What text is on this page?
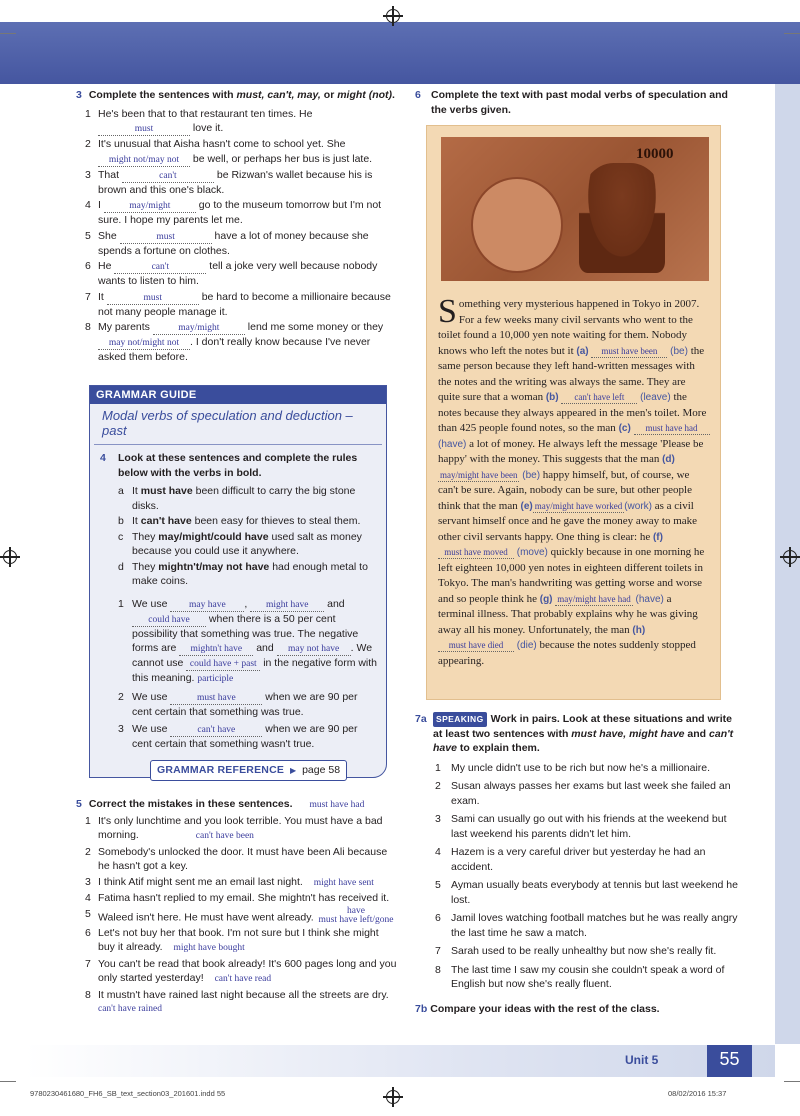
3 Complete the sentences with must, can't, may, or might (not).
1 He's been that to that restaurant ten times. He must	love it.
2 It's unusual that Aisha hasn't come to school yet. She might not/may not be well, or perhaps her bus is just late.
3 That	can't	be Rizwan's wallet because his is brown and this one's black.
4 I	may/might	go to the museum tomorrow but I'm not sure. I hope my parents let me.
5 She	must	have a lot of money because she spends a fortune on clothes.
6 He	can't	tell a joke very well because nobody wants to listen to him.
7 It	must	be hard to become a millionaire because not many people manage it.
8 My parents	may/might	lend me some money or they may not/might not . I don't really know because I've never asked them before.
GRAMMAR GUIDE
Modal verbs of speculation and deduction – past
4 Look at these sentences and complete the rules below with the verbs in bold.
a It must have been difficult to carry the big stone disks.
b It can't have been easy for thieves to steal them.
c They may/might/could have used salt as money because you could use it anywhere.
d They mightn't/may not have had enough metal to make coins.
1 We use may have , might have and could have when there is a 50 per cent possibility that something was true. The negative forms are mightn't have and may not have . We cannot use could have + past in the negative form with this meaning. participle
2 We use	must have	when we are 90 per cent certain that something was true.
3 We use	can't have	when we are 90 per cent certain that something wasn't true.
GRAMMAR REFERENCE ▶ page 58
5 Correct the mistakes in these sentences. must have had
1 It's only lunchtime and you look terrible. You must have a bad morning.	can't have been
2 Somebody's unlocked the door. It must have been Ali because he hasn't got a key.
3 I think Atif might sent me an email last night. might have sent
4 Fatima hasn't replied to my email. She mightn't has received it.
5 Waleed isn't here. He must have went already.
have
must have left/gone
6 Let's not buy her that book. I'm not sure but I think she might buy it already. might have bought
7 You can't be read that book already! It's 600 pages long and you only started yesterday! can't have read
8 It mustn't have rained last night because all the streets are dry.
can't have rained
6 Complete the text with past modal verbs of speculation and the verbs given.
10000
Something very mysterious happened in Tokyo in 2007. For a few weeks many civil servants who went to the toilet found a 10,000 yen note waiting for them. Nobody knows who left the notes but it (a) must have been (be) the same person because they left hand-written messages with the notes and the writing was always the same. They are quite sure that a woman (b) can't have left (leave) the notes because they always appeared in the men's toilet. More than 425 people found notes, so the man (c) must have had (have) a lot of money. He always left the message 'Please be happy' with the money. This suggests that the man (d) may/might have been (be) happy himself, but, of course, we can't be sure. Again, nobody can be sure, but other people think that the man (e) may/might have worked (work) as a civil servant himself once and he gave the money away to make other civil servants happy. One thing is clear: he (f) must have moved (move) quickly because in one morning he left eighteen 10,000 yen notes in eighteen different toilets in Tokyo. The man's handwriting was getting worse and worse and so people think he (g) may/might have had (have) a terminal illness. That probably explains why he was giving away all his money. Unfortunately, the man (h) must have died (die) because the notes suddenly stopped appearing.
7a SPEAKING Work in pairs. Look at these situations and write at least two sentences with must have, might have and can't have to explain them.
1 My uncle didn't use to be rich but now he's a millionaire.
2 Susan always passes her exams but last week she failed an exam.
3 Sami can usually go out with his friends at the weekend but last weekend his parents didn't let him.
4 Hazem is a very careful driver but yesterday he had an accident.
5 Ayman usually beats everybody at tennis but last weekend he lost.
6 Jamil loves watching football matches but he was really angry the last time he saw a match.
7 Sarah used to be really unhealthy but now she's really fit.
8 The last time I saw my cousin she couldn't speak a word of English but now she's really fluent.
7b Compare your ideas with the rest of the class.
Unit 5	55
9780230461680_FH6_SB_text_section03_201601.indd 55	08/02/2016 15:37
